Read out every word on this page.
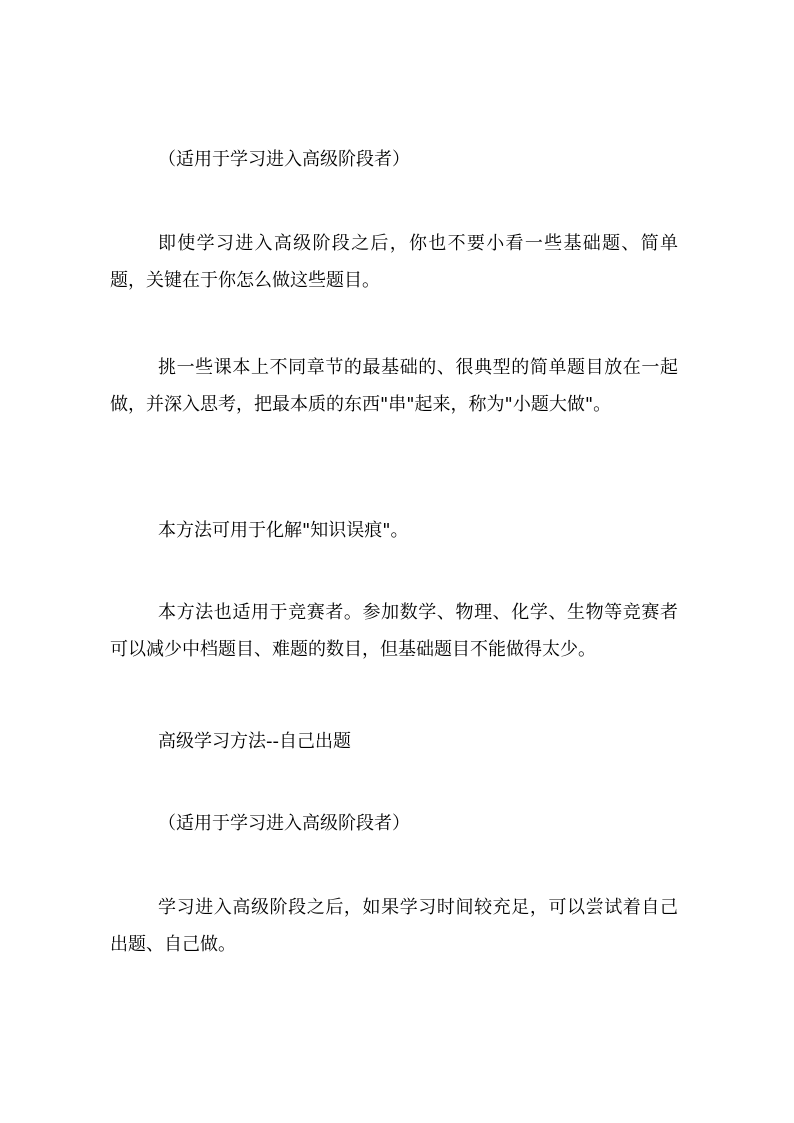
（适用于学习进入高级阶段者）

即使学习进入高级阶段之后，你也不要小看一些基础题、简单题，关键在于你怎么做这些题目。

挑一些课本上不同章节的最基础的、很典型的简单题目放在一起做，并深入思考，把最本质的东西"串"起来，称为"小题大做"。

本方法可用于化解"知识误痕"。

本方法也适用于竞赛者。参加数学、物理、化学、生物等竞赛者可以减少中档题目、难题的数目，但基础题目不能做得太少。

高级学习方法--自己出题

（适用于学习进入高级阶段者）

学习进入高级阶段之后，如果学习时间较充足，可以尝试着自己出题、自己做。
